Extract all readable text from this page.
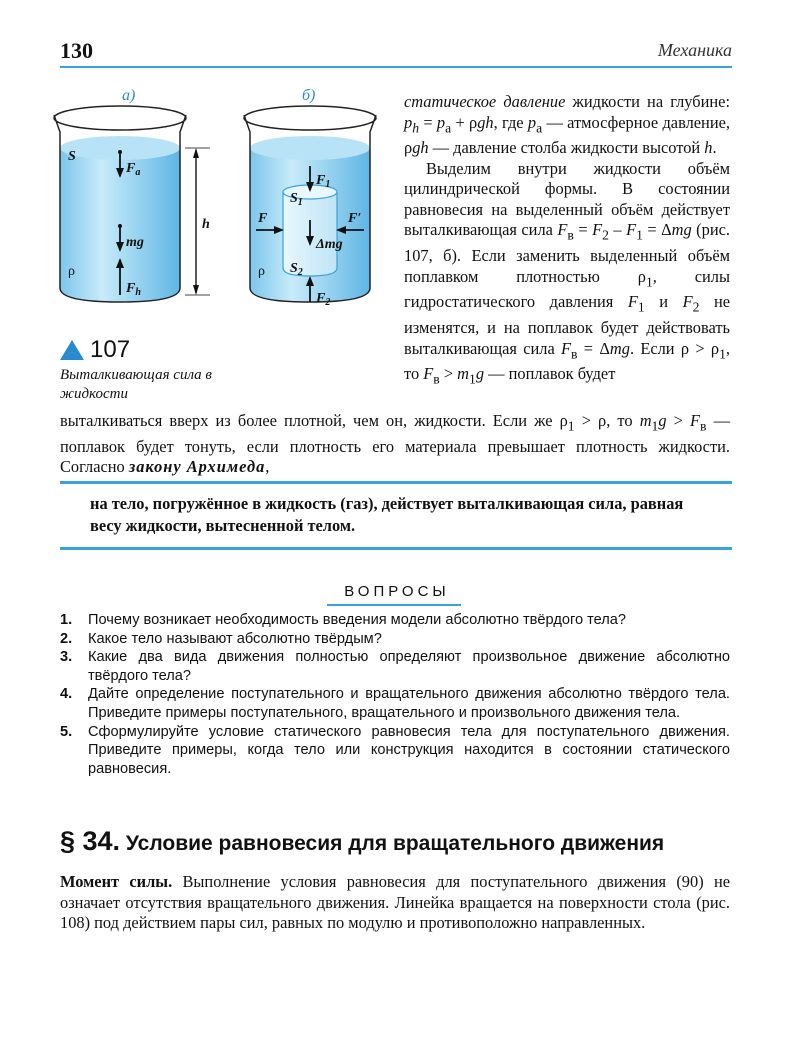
130	Механика
а)	б)
S
ρ
$F_а$
mg
$F_h$
h
ρ
$F_1$
$S_1$
Δmg
$S_2$
$F_2$
F	F′
107
Выталкивающая сила в жидкости

статическое давление жидкости на глубине: $p_h = p_а + \rho gh$, где $p_а$ — атмосферное давление, ρgh — давление столба жидкости высотой h.

Выделим внутри жидкости объём цилиндрической формы. В состоянии равновесия на выделенный объём действует выталкивающая сила $F_в = F_2 - F_1 = \Delta mg$ (рис. 107, б). Если заменить выделенный объём поплавком плотностью $\rho_1$, силы гидростатического давления $F_1$ и $F_2$ не изменятся, и на поплавок будет действовать выталкивающая сила $F_в = \Delta mg$. Если $\rho > \rho_1$, то $F_в > m_1g$ — поплавок будет

выталкиваться вверх из более плотной, чем он, жидкости. Если же $\rho_1 > \rho$, то $m_1g > F_в$ — поплавок будет тонуть, если плотность его материала превышает плотность жидкости. Согласно закону Архимеда,

на тело, погружённое в жидкость (газ), действует выталкивающая сила, равная весу жидкости, вытесненной телом.
ВОПРОСЫ
1.	Почему возникает необходимость введения модели абсолютно твёрдого тела?
2.	Какое тело называют абсолютно твёрдым?
3.	Какие два вида движения полностью определяют произвольное движение абсолютно твёрдого тела?
4.	Дайте определение поступательного и вращательного движения абсолютно твёрдого тела. Приведите примеры поступательного, вращательного и произвольного движения тела.
5.	Сформулируйте условие статического равновесия тела для поступательного движения. Приведите примеры, когда тело или конструкция находится в состоянии статического равновесия.
§ 34. Условие равновесия для вращательного движения

Момент силы. Выполнение условия равновесия для поступательного движения (90) не означает отсутствия вращательного движения. Линейка вращается на поверхности стола (рис. 108) под действием пары сил, равных по модулю и противоположно направленных.
